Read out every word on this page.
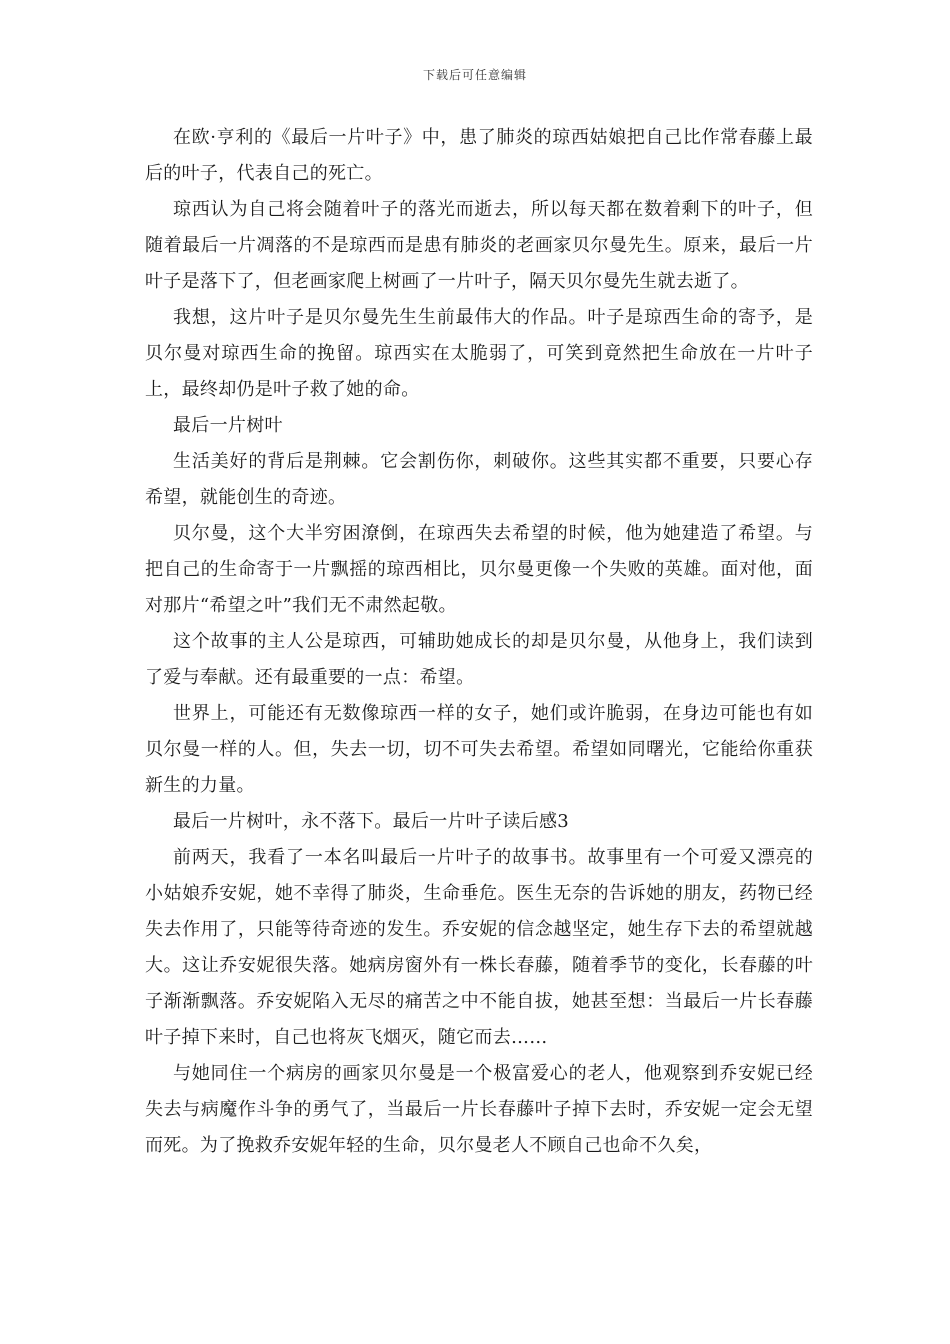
下载后可任意编辑

在欧·亨利的《最后一片叶子》中，患了肺炎的琼西姑娘把自己比作常春藤上最后的叶子，代表自己的死亡。

琼西认为自己将会随着叶子的落光而逝去，所以每天都在数着剩下的叶子，但随着最后一片凋落的不是琼西而是患有肺炎的老画家贝尔曼先生。原来，最后一片叶子是落下了，但老画家爬上树画了一片叶子，隔天贝尔曼先生就去逝了。

我想，这片叶子是贝尔曼先生生前最伟大的作品。叶子是琼西生命的寄予，是贝尔曼对琼西生命的挽留。琼西实在太脆弱了，可笑到竟然把生命放在一片叶子上，最终却仍是叶子救了她的命。

最后一片树叶

生活美好的背后是荆棘。它会割伤你，刺破你。这些其实都不重要，只要心存希望，就能创生的奇迹。

贝尔曼，这个大半穷困潦倒，在琼西失去希望的时候，他为她建造了希望。与把自己的生命寄于一片飘摇的琼西相比，贝尔曼更像一个失败的英雄。面对他，面对那片“希望之叶”我们无不肃然起敬。

这个故事的主人公是琼西，可辅助她成长的却是贝尔曼，从他身上，我们读到了爱与奉献。还有最重要的一点：希望。

世界上，可能还有无数像琼西一样的女子，她们或许脆弱，在身边可能也有如贝尔曼一样的人。但，失去一切，切不可失去希望。希望如同曙光，它能给你重获新生的力量。

最后一片树叶，永不落下。最后一片叶子读后感3

前两天，我看了一本名叫最后一片叶子的故事书。故事里有一个可爱又漂亮的小姑娘乔安妮，她不幸得了肺炎，生命垂危。医生无奈的告诉她的朋友，药物已经失去作用了，只能等待奇迹的发生。乔安妮的信念越坚定，她生存下去的希望就越大。这让乔安妮很失落。她病房窗外有一株长春藤，随着季节的变化，长春藤的叶子渐渐飘落。乔安妮陷入无尽的痛苦之中不能自拔，她甚至想：当最后一片长春藤叶子掉下来时，自己也将灰飞烟灭，随它而去……

与她同住一个病房的画家贝尔曼是一个极富爱心的老人，他观察到乔安妮已经失去与病魔作斗争的勇气了，当最后一片长春藤叶子掉下去时，乔安妮一定会无望而死。为了挽救乔安妮年轻的生命，贝尔曼老人不顾自己也命不久矣，
